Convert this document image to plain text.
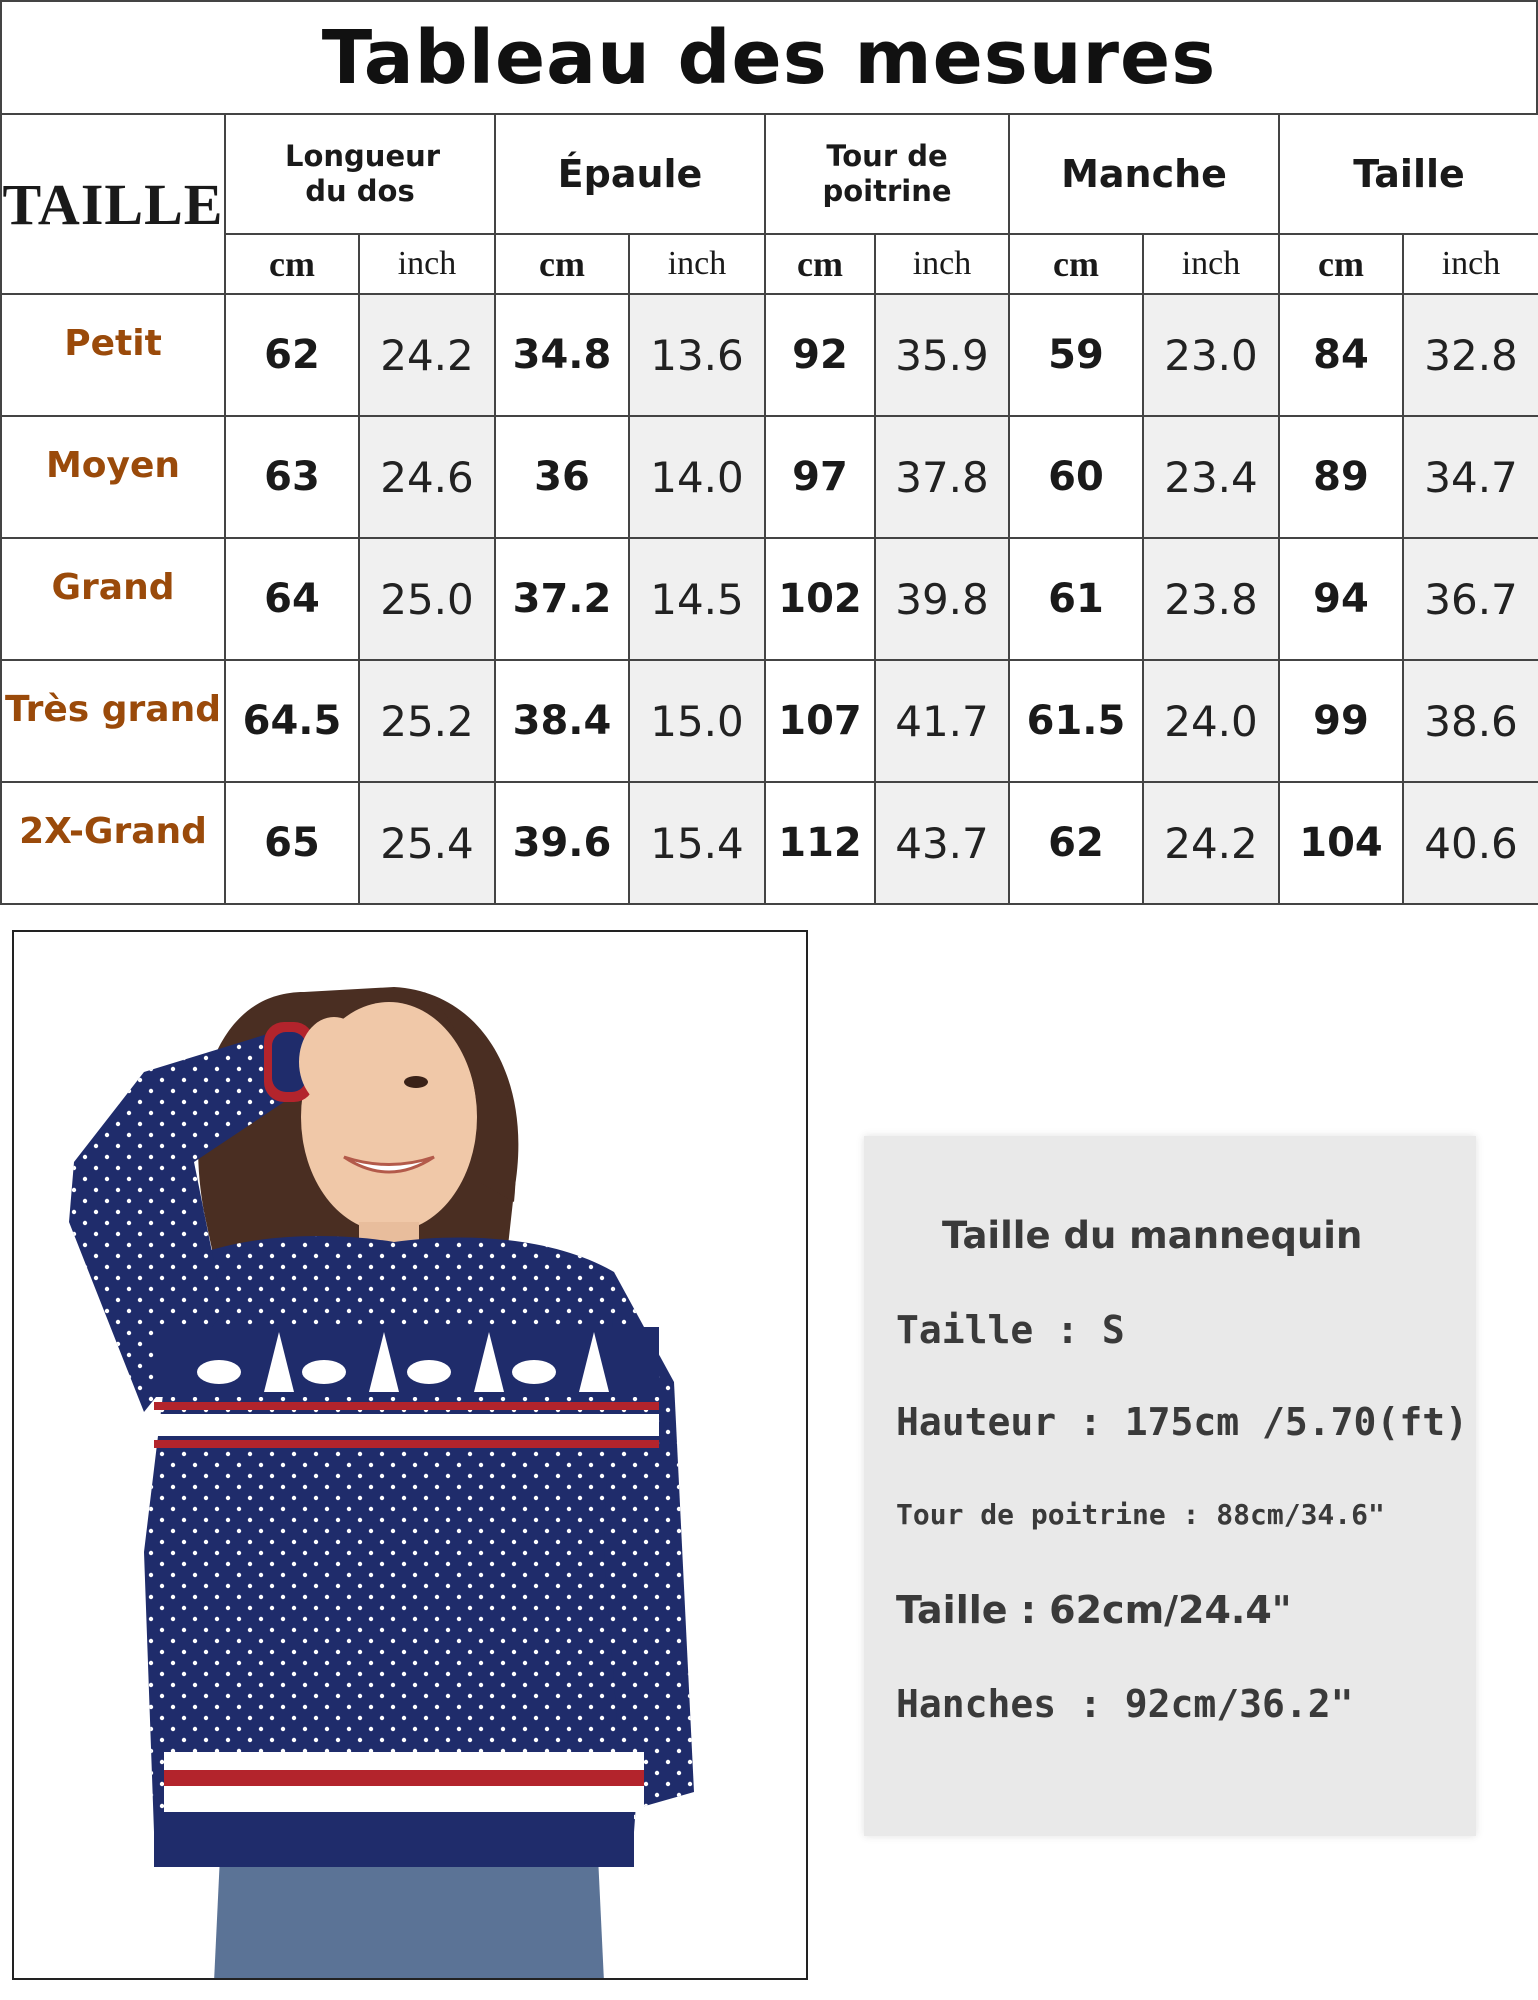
Tableau des mesures
TAILLE	Longueur du dos		Épaule		Tour de poitrine		Manche		Taille	
	cm	inch	cm	inch	cm	inch	cm	inch	cm	inch
Petit	62	24.2	34.8	13.6	92	35.9	59	23.0	84	32.8
Moyen	63	24.6	36	14.0	97	37.8	60	23.4	89	34.7
Grand	64	25.0	37.2	14.5	102	39.8	61	23.8	94	36.7
Très grand	64.5	25.2	38.4	15.0	107	41.7	61.5	24.0	99	38.6
2X-Grand	65	25.4	39.6	15.4	112	43.7	62	24.2	104	40.6
Taille du mannequin
Taille : S
Hauteur : 175cm /5.70(ft)
Tour de poitrine : 88cm/34.6"
Taille : 62cm/24.4"
Hanches : 92cm/36.2"
